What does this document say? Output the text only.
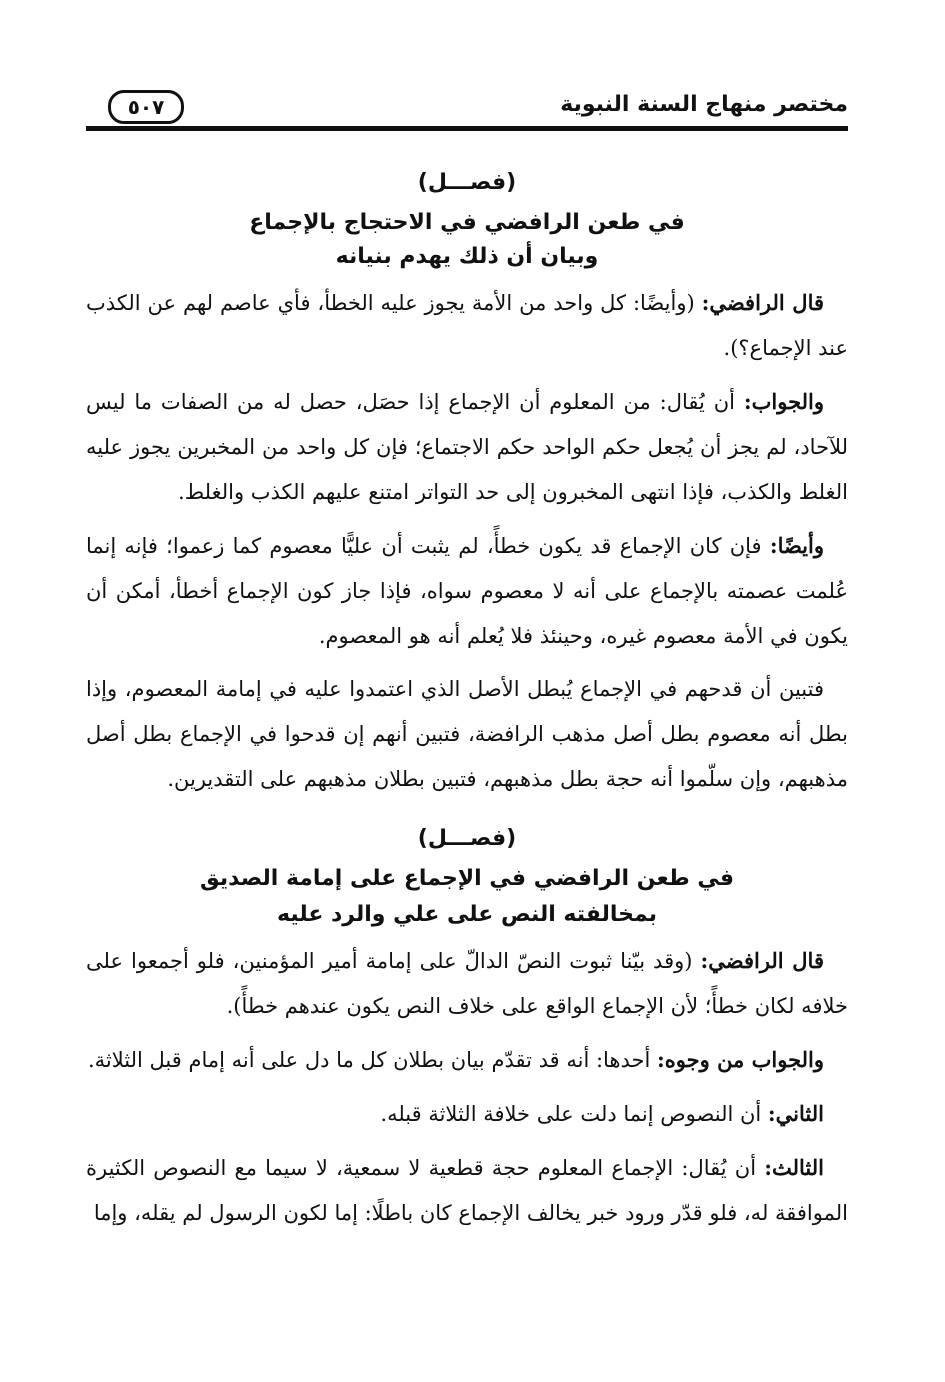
مختصر منهاج السنة النبوية
٥٠٧
(فصـــل)
في طعن الرافضي في الاحتجاج بالإجماع
وبيان أن ذلك يهدم بنيانه

قال الرافضي: (وأيضًا: كل واحد من الأمة يجوز عليه الخطأ، فأي عاصم لهم عن الكذب عند الإجماع؟).

والجواب: أن يُقال: من المعلوم أن الإجماع إذا حصَل، حصل له من الصفات ما ليس للآحاد، لم يجز أن يُجعل حكم الواحد حكم الاجتماع؛ فإن كل واحد من المخبرين يجوز عليه الغلط والكذب، فإذا انتهى المخبرون إلى حد التواتر امتنع عليهم الكذب والغلط.

وأيضًا: فإن كان الإجماع قد يكون خطأً، لم يثبت أن عليًّا معصوم كما زعموا؛ فإنه إنما عُلمت عصمته بالإجماع على أنه لا معصوم سواه، فإذا جاز كون الإجماع أخطأ، أمكن أن يكون في الأمة معصوم غيره، وحينئذ فلا يُعلم أنه هو المعصوم.

فتبين أن قدحهم في الإجماع يُبطل الأصل الذي اعتمدوا عليه في إمامة المعصوم، وإذا بطل أنه معصوم بطل أصل مذهب الرافضة، فتبين أنهم إن قدحوا في الإجماع بطل أصل مذهبهم، وإن سلّموا أنه حجة بطل مذهبهم، فتبين بطلان مذهبهم على التقديرين.

(فصـــل)
في طعن الرافضي في الإجماع على إمامة الصديق
بمخالفته النص على علي والرد عليه

قال الرافضي: (وقد بيّنا ثبوت النصّ الدالّ على إمامة أمير المؤمنين، فلو أجمعوا على خلافه لكان خطأً؛ لأن الإجماع الواقع على خلاف النص يكون عندهم خطأً).

والجواب من وجوه: أحدها: أنه قد تقدّم بيان بطلان كل ما دل على أنه إمام قبل الثلاثة.

الثاني: أن النصوص إنما دلت على خلافة الثلاثة قبله.

الثالث: أن يُقال: الإجماع المعلوم حجة قطعية لا سمعية، لا سيما مع النصوص الكثيرة الموافقة له، فلو قدّر ورود خبر يخالف الإجماع كان باطلًا: إما لكون الرسول لم يقله، وإما
